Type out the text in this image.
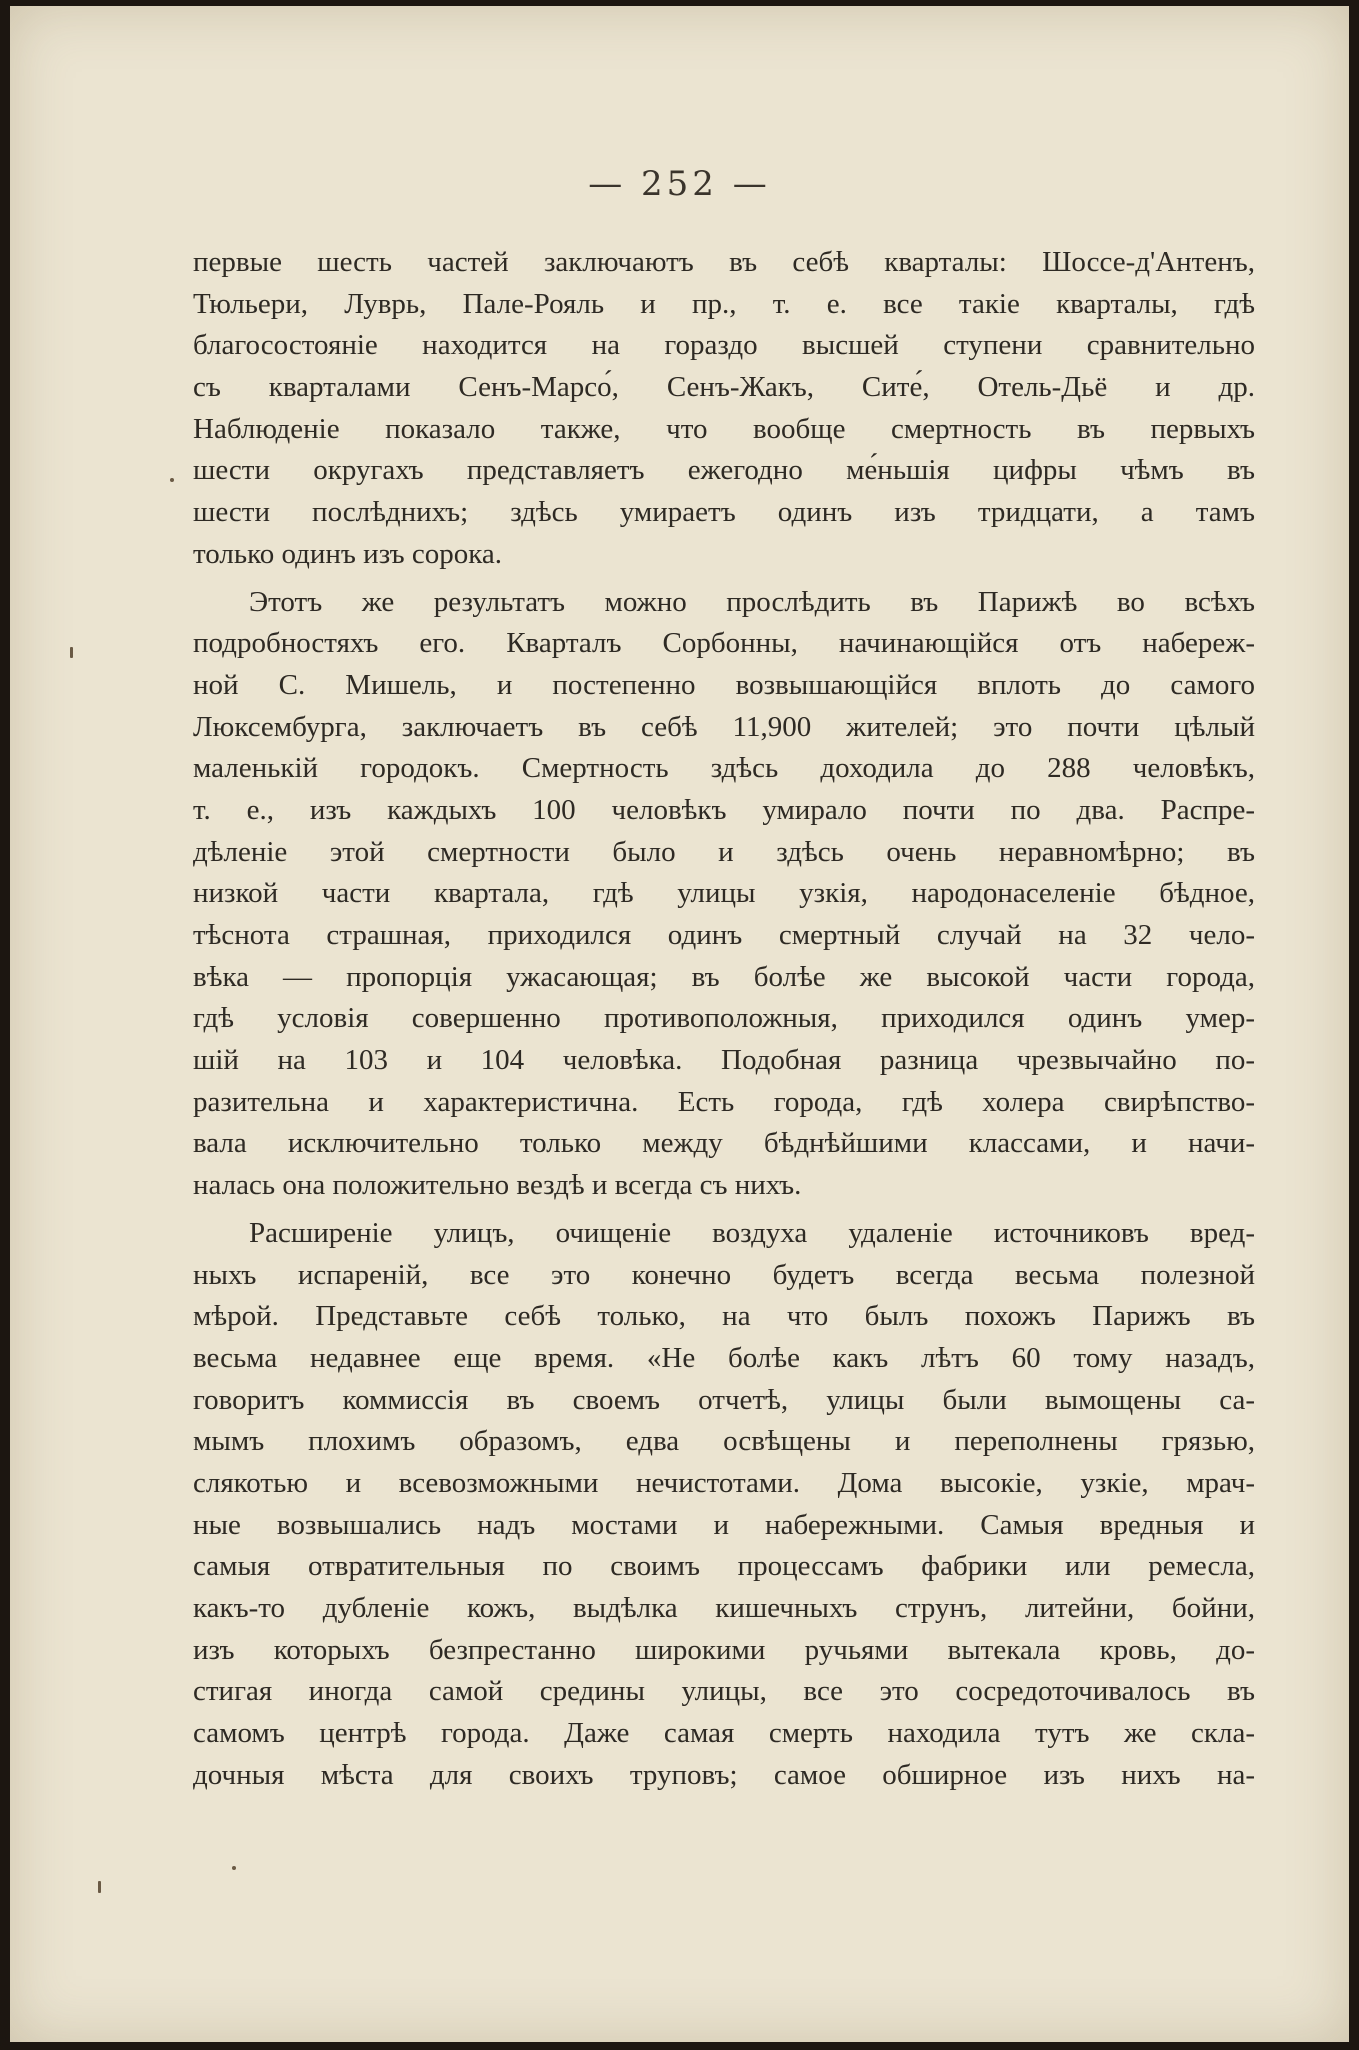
— 252 —
первые шесть частей заключаютъ въ себѣ кварталы: Шоссе-д'Антенъ,
Тюльери, Луврь, Пале-Рояль и пр., т. е. все такіе кварталы, гдѣ
благосостояніе находится на гораздо высшей ступени сравнительно
съ кварталами Сенъ-Марсо́, Сенъ-Жакъ, Сите́, Отель-Дьё и др.
Наблюденіе показало также, что вообще смертность въ первыхъ
шести округахъ представляетъ ежегодно ме́ньшія цифры чѣмъ въ
шести послѣднихъ; здѣсь умираетъ одинъ изъ тридцати, а тамъ
только одинъ изъ сорока.
Этотъ же результатъ можно прослѣдить въ Парижѣ во всѣхъ
подробностяхъ его. Кварталъ Сорбонны, начинающійся отъ набереж-
ной С. Мишель, и постепенно возвышающійся вплоть до самого
Люксембурга, заключаетъ въ себѣ 11,900 жителей; это почти цѣлый
маленькій городокъ. Смертность здѣсь доходила до 288 человѣкъ,
т. е., изъ каждыхъ 100 человѣкъ умирало почти по два. Распре-
дѣленіе этой смертности было и здѣсь очень неравномѣрно; въ
низкой части квартала, гдѣ улицы узкія, народонаселеніе бѣдное,
тѣснота страшная, приходился одинъ смертный случай на 32 чело-
вѣка — пропорція ужасающая; въ болѣе же высокой части города,
гдѣ условія совершенно противоположныя, приходился одинъ умер-
шій на 103 и 104 человѣка. Подобная разница чрезвычайно по-
разительна и характеристична. Есть города, гдѣ холера свирѣпство-
вала исключительно только между бѣднѣйшими классами, и начи-
налась она положительно вездѣ и всегда съ нихъ.
Расширеніе улицъ, очищеніе воздуха удаленіе источниковъ вред-
ныхъ испареній, все это конечно будетъ всегда весьма полезной
мѣрой. Представьте себѣ только, на что былъ похожъ Парижъ въ
весьма недавнее еще время. «Не болѣе какъ лѣтъ 60 тому назадъ,
говоритъ коммиссія въ своемъ отчетѣ, улицы были вымощены са-
мымъ плохимъ образомъ, едва освѣщены и переполнены грязью,
слякотью и всевозможными нечистотами. Дома высокіе, узкіе, мрач-
ные возвышались надъ мостами и набережными. Самыя вредныя и
самыя отвратительныя по своимъ процессамъ фабрики или ремесла,
какъ-то дубленіе кожъ, выдѣлка кишечныхъ струнъ, литейни, бойни,
изъ которыхъ безпрестанно широкими ручьями вытекала кровь, до-
стигая иногда самой средины улицы, все это сосредоточивалось въ
самомъ центрѣ города. Даже самая смерть находила тутъ же скла-
дочныя мѣста для своихъ труповъ; самое обширное изъ нихъ на-
